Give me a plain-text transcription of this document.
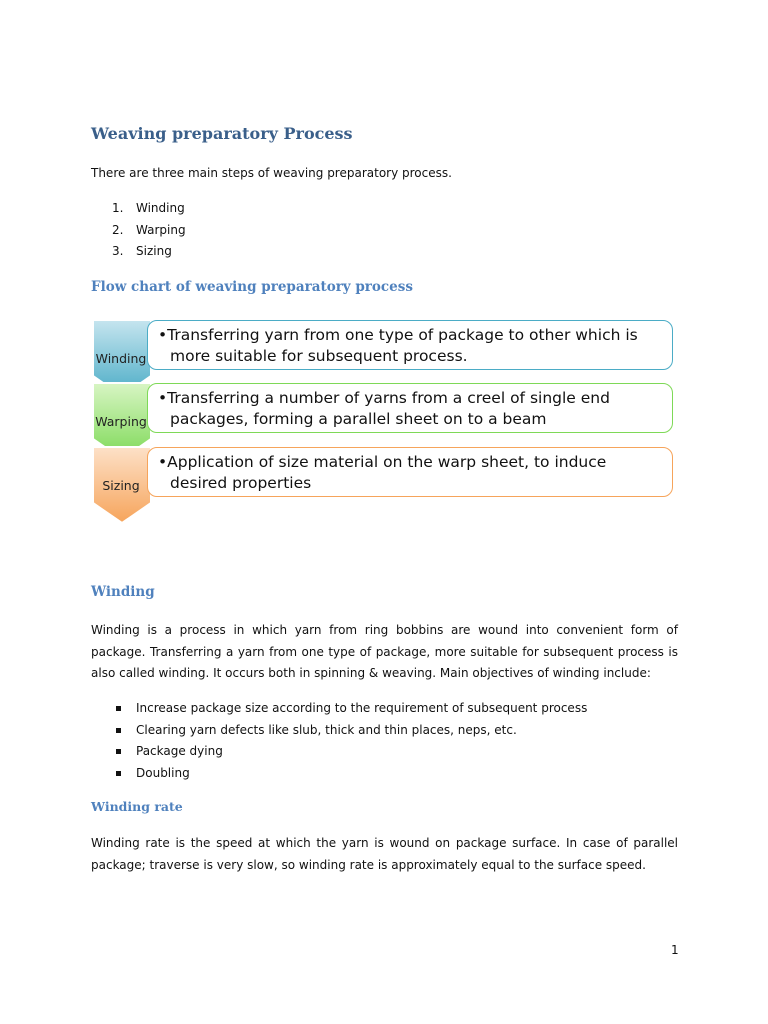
Weaving preparatory Process

There are three main steps of weaving preparatory process.

1. Winding
2. Warping
3. Sizing
Flow chart of weaving preparatory process
Winding
•Transferring yarn from one type of package to other which is more suitable for subsequent process.
Warping
•Transferring a number of yarns from a creel of single end packages, forming a parallel sheet on to a beam
Sizing
•Application of size material on the warp sheet, to induce desired properties
Winding

Winding is a process in which yarn from ring bobbins are wound into convenient form of package. Transferring a yarn from one type of package, more suitable for subsequent process is also called winding. It occurs both in spinning & weaving. Main objectives of winding include:

Increase package size according to the requirement of subsequent process
Clearing yarn defects like slub, thick and thin places, neps, etc.
Package dying
Doubling
Winding rate

Winding rate is the speed at which the yarn is wound on package surface. In case of parallel package; traverse is very slow, so winding rate is approximately equal to the surface speed.

1
